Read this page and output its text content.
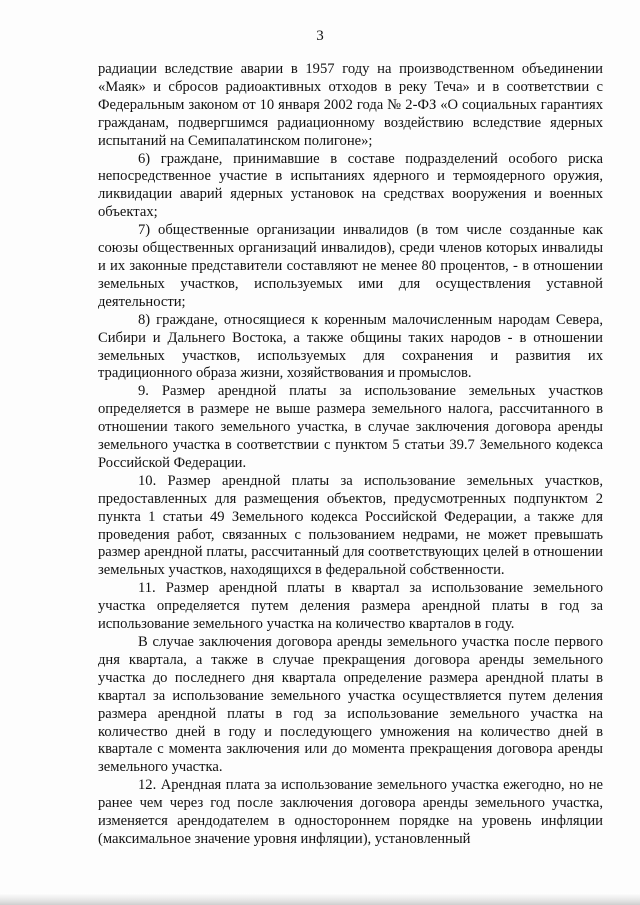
3

радиации вследствие аварии в 1957 году на производственном объединении «Маяк» и сбросов радиоактивных отходов в реку Теча» и в соответствии с Федеральным законом от 10 января 2002 года № 2-ФЗ «О социальных гарантиях гражданам, подвергшимся радиационному воздействию вследствие ядерных испытаний на Семипалатинском полигоне»;

6) граждане, принимавшие в составе подразделений особого риска непосредственное участие в испытаниях ядерного и термоядерного оружия, ликвидации аварий ядерных установок на средствах вооружения и военных объектах;

7) общественные организации инвалидов (в том числе созданные как союзы общественных организаций инвалидов), среди членов которых инвалиды и их законные представители составляют не менее 80 процентов, - в отношении земельных участков, используемых ими для осуществления уставной деятельности;

8) граждане, относящиеся к коренным малочисленным народам Севера, Сибири и Дальнего Востока, а также общины таких народов - в отношении земельных участков, используемых для сохранения и развития их традиционного образа жизни, хозяйствования и промыслов.

9. Размер арендной платы за использование земельных участков определяется в размере не выше размера земельного налога, рассчитанного в отношении такого земельного участка, в случае заключения договора аренды земельного участка в соответствии с пунктом 5 статьи 39.7 Земельного кодекса Российской Федерации.

10. Размер арендной платы за использование земельных участков, предоставленных для размещения объектов, предусмотренных подпунктом 2 пункта 1 статьи 49 Земельного кодекса Российской Федерации, а также для проведения работ, связанных с пользованием недрами, не может превышать размер арендной платы, рассчитанный для соответствующих целей в отношении земельных участков, находящихся в федеральной собственности.

11. Размер арендной платы в квартал за использование земельного участка определяется путем деления размера арендной платы в год за использование земельного участка на количество кварталов в году.

В случае заключения договора аренды земельного участка после первого дня квартала, а также в случае прекращения договора аренды земельного участка до последнего дня квартала определение размера арендной платы в квартал за использование земельного участка осуществляется путем деления размера арендной платы в год за использование земельного участка на количество дней в году и последующего умножения на количество дней в квартале с момента заключения или до момента прекращения договора аренды земельного участка.

12. Арендная плата за использование земельного участка ежегодно, но не ранее чем через год после заключения договора аренды земельного участка, изменяется арендодателем в одностороннем порядке на уровень инфляции (максимальное значение уровня инфляции), установленный
